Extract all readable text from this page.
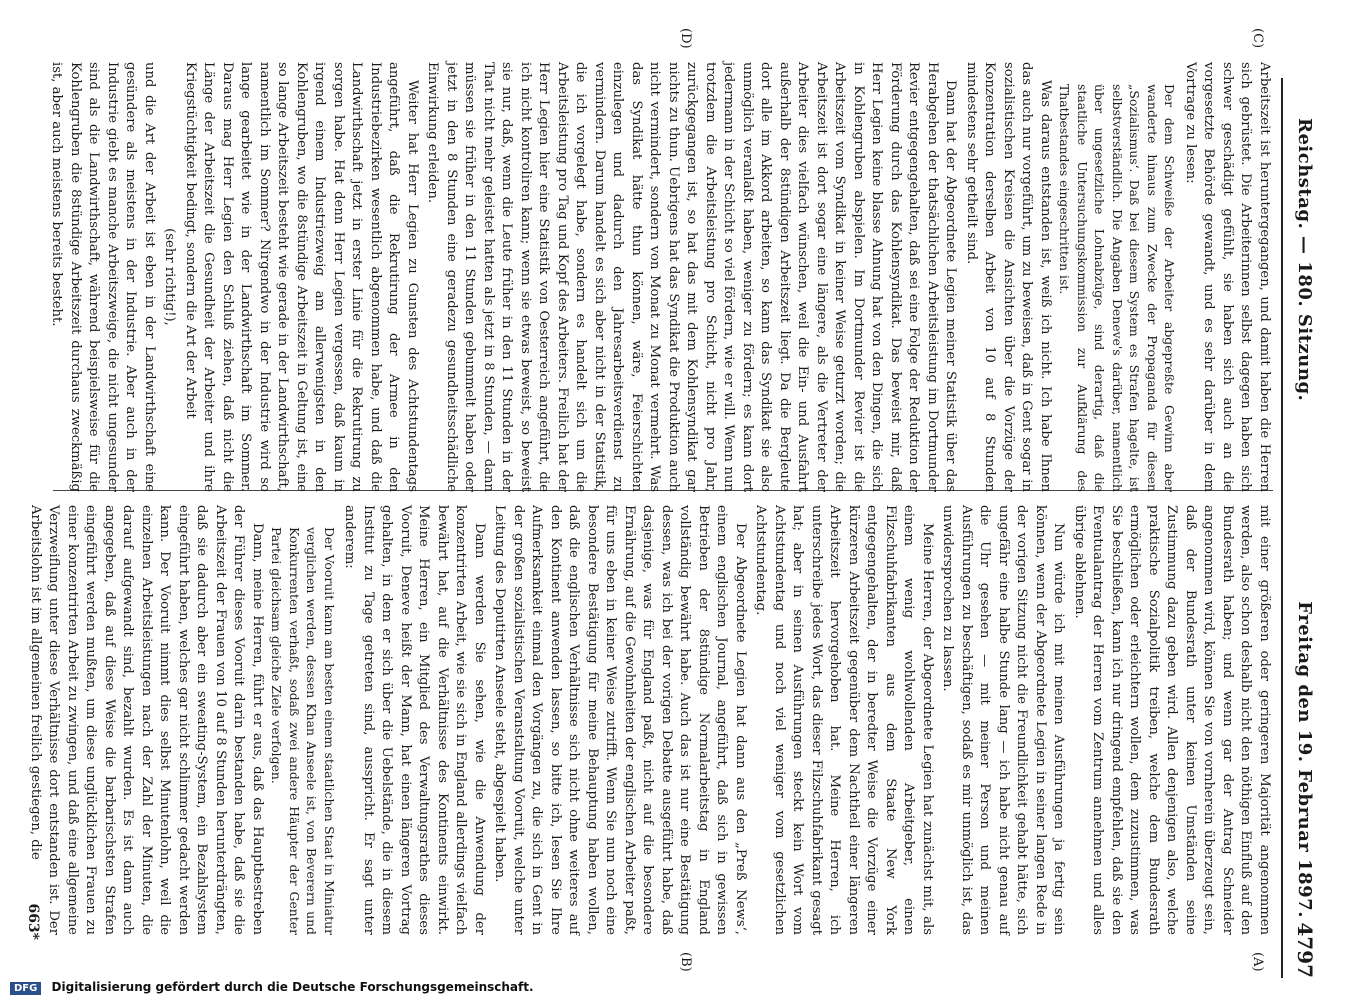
Reichstag. — 180. Sitzung.
Freitag den 19. Februar 1897.
4797
(A)
(B)
(C)
(D)

mit einer größeren oder geringeren Majorität angenommen werden, also schon deshalb nicht den nöthigen Einfluß auf den Bundesrath haben; und wenn gar der Antrag Schneider angenommen wird, können Sie von vornherein überzeugt sein, daß der Bundesrath unter keinen Umständen seine Zustimmung dazu geben wird. Allen denjenigen also, welche praktische Sozialpolitik treiben, welche dem Bundesrath ermöglichen oder erleichtern wollen, dem zuzustimmen, was Sie beschließen, kann ich nur dringend empfehlen, daß sie den Eventualantrag der Herren vom Zentrum annehmen und alles übrige ablehnen.

Nun würde ich mit meinen Ausführungen ja fertig sein können, wenn der Abgeordnete Legien in seiner langen Rede in der vorigen Sitzung nicht die Freundlichkeit gehabt hätte, sich ungefähr eine halbe Stunde lang — ich habe nicht genau auf die Uhr gesehen — mit meiner Person und meinen Ausführungen zu beschäftigen, sodaß es mir unmöglich ist, das unwidersprochen zu lassen.

Meine Herren, der Abgeordnete Legien hat zunächst mit, als einem wenig wohlwollenden Arbeitgeber, einen Filzschuhfabrikanten aus dem Staate New York entgegengehalten, der in beredter Weise die Vorzüge einer kürzeren Arbeitszeit gegenüber dem Nachtheil einer längeren Arbeitszeit hervorgehoben hat. Meine Herren, ich unterschreibe jedes Wort, das dieser Filzschuhfabrikant gesagt hat; aber in seinen Ausführungen steckt kein Wort vom Achtstundentag und noch viel weniger vom gesetzlichen Achtstundentag.

Der Abgeordnete Legien hat dann aus den „Preß Newsʻ, einem englischen Journal, angeführt, daß sich in gewissen Betrieben der 8stündige Normalarbeitstag in England vollständig bewährt habe. Auch das ist nur eine Bestätigung dessen, was ich bei der vorigen Debatte ausgeführt habe, daß dasjenige, was für England paßt, nicht auf die besondere Ernährung, auf die Gewohnheiten der englischen Arbeiter paßt, für uns eben in keiner Weise zutrifft. Wenn Sie nun noch eine besondere Bestätigung für meine Behauptung haben wollen, daß die englischen Verhältnisse sich nicht ohne weiteres auf den Kontinent anwenden lassen, so bitte ich, lesen Sie Ihre Aufmerksamkeit einmal den Vorgängen zu, die sich in Gent in der großen sozialistischen Veranstaltung Vooruit, welche unter Leitung des Deputirten Anseele steht, abgespielt haben.

Dann werden Sie sehen, wie die Anwendung der konzentrirten Arbeit, wie sie sich in England allerdings vielfach bewährt hat, auf die Verhältnisse des Kontinents einwirkt. Meine Herren, ein Mitglied des Verwaltungsrathes dieses Vooruit, Deneve heißt der Mann, hat einen längeren Vortrag gehalten, in dem er sich über die Uebelstände, die in diesem Institut zu Tage getreten sind, ausspricht. Er sagt unter anderem:

Der Vooruit kann am besten einem staatlichen Staat in Miniatur verglichen werden, dessen Khan Anseele ist, von Beverern und Konkurrenten verhaßt, sodaß zwei andere Häupter der Genter Partei gleichsam gleiche Ziele verfolgen.

Dann, meine Herren, führt er aus, daß das Hauptbestreben der Führer dieses Vooruit darin bestanden habe, daß sie die Arbeitszeit der Frauen von 10 auf 8 Stunden herunterdrängten, daß sie dadurch aber ein sweating-System, ein Bezahlsystem eingeführt haben, welches gar nicht schlimmer gedacht werden kann. Der Vooruit nimmt dies selbst Minutenlohn, weil die einzelnen Arbeitsleistungen nach der Zahl der Minuten, die darauf aufgewandt sind, bezahlt wurden. Es ist dann auch angegeben, daß auf diese Weise die barbarischsten Strafen eingeführt werden mußten, um diese unglücklichen Frauen zu einer konzentrirten Arbeit zu zwingen, und daß eine allgemeine Verzweiflung unter diese Verhältnisse dort entstanden ist. Der Arbeitslohn ist im allgemeinen freilich gestiegen, die

Arbeitszeit ist heruntergegangen, und damit haben die Herren sich gebrüstet. Die Arbeiterinnen selbst dagegen haben sich schwer geschädigt gefühlt, sie haben sich auch an die vorgesetzte Behörde gewandt, und es sehr darüber in dem Vortrage zu lesen:

Der dem Schweiße der Arbeiter abgepreßte Gewinn aber wanderte hinaus zum Zwecke der Propaganda für diesen „Sozialismusʻ. Daß bei diesem System es Strafen hagelte, ist selbstverständlich. Die Angaben Deneve's darüber, namentlich über ungesetzliche Lohnabzüge, sind derartig, daß die staatliche Untersuchungskommission zur Aufklärung des Thatbestandes eingeschritten ist.

Was daraus entstanden ist, weiß ich nicht. Ich habe Ihnen das auch nur vorgeführt, um zu beweisen, daß in Gent sogar in sozialistischen Kreisen die Ansichten über die Vorzüge der Konzentration derselben Arbeit von 10 auf 8 Stunden mindestens sehr getheilt sind.

Dann hat der Abgeordnete Legien meiner Statistik über das Herabgehen der thatsächlichen Arbeitsleistung im Dortmunder Revier entgegengehalten, daß sei eine Folge der Reduktion der Förderung durch das Kohlensyndikat. Das beweist mir, daß Herr Legien keine blasse Ahnung hat von den Dingen, die sich in Kohlengruben abspielen. Im Dortmunder Revier ist die Arbeitszeit vom Syndikat in keiner Weise geturzt worden; die Arbeitszeit ist dort sogar eine längere, als die Vertreter der Arbeiter dies vielfach wünschen, weil die Ein- und Ausfahrt außerhalb der 8stündigen Arbeitszeit liegt. Da die Bergleute dort alle im Akkord arbeiten, so kann das Syndikat sie also unmöglich veranlaßt haben, weniger zu fördern; es kann dort jedermann in der Schicht so viel fördern, wie er will. Wenn nun trotzdem die Arbeitsleistung pro Schicht, nicht pro Jahr, zurückgegangen ist, so hat das mit dem Kohlensyndikat gar nichts zu thun. Uebrigens hat das Syndikat die Produktion auch nicht vermindert, sondern von Monat zu Monat vermehrt. Was das Syndikat hätte thun können, wäre, Feierschichten einzulegen und dadurch den Jahresarbeitsverdienst zu vermindern. Darum handelt es sich aber nicht in der Statistik, die ich vorgelegt habe, sondern es handelt sich um die Arbeitsleistung pro Tag und Kopf des Arbeiters. Freilich hat der Herr Legien hier eine Statistik von Oesterreich angeführt, die ich nicht kontroliren kann; wenn sie etwas beweist, so beweist sie nur, daß, wenn die Leute früher in den 11 Stunden in der That nicht mehr geleistet hatten als jetzt in 8 Stunden, — dann müssen sie früher in den 11 Stunden gebummelt haben oder jetzt in den 8 Stunden eine geradezu gesundheitsschädliche Einwirkung erleiden.

Weiter hat Herr Legien zu Gunsten des Achtstundentags angeführt, daß die Rekrutirung der Armee in den Industriebezirken wesentlich abgenommen habe, und daß die Landwirthschaft jetzt in erster Linie für die Rekrutirung zu sorgen habe. Hat denn Herr Legien vergessen, daß kaum in irgend einem Industriezweig am allerwenigsten in den Kohlengruben, wo die 8stündige Arbeitszeit in Geltung ist, eine so lange Arbeitszeit besteht wie gerade in der Landwirthschaft, namentlich im Sommer? Nirgendwo in der Industrie wird so lange gearbeitet wie in der Landwirthschaft im Sommer. Daraus mag Herr Legien den Schluß ziehen, daß nicht die Länge der Arbeitszeit die Gesundheit der Arbeiter und ihre Kriegstüchtigkeit bedingt, sondern die Art der Arbeit

(sehr richtig!),

und die Art der Arbeit ist eben in der Landwirthschaft eine gesündere als meistens in der Industrie. Aber auch in der Industrie giebt es manche Arbeitszweige, die nicht ungesunder sind als die Landwirthschaft, während beispielsweise für die Kohlengruben die 8stündige Arbeitszeit durchaus zweckmäßig ist, aber auch meistens bereits besteht.

663*
DFG Digitalisierung gefördert durch die Deutsche Forschungsgemeinschaft.
